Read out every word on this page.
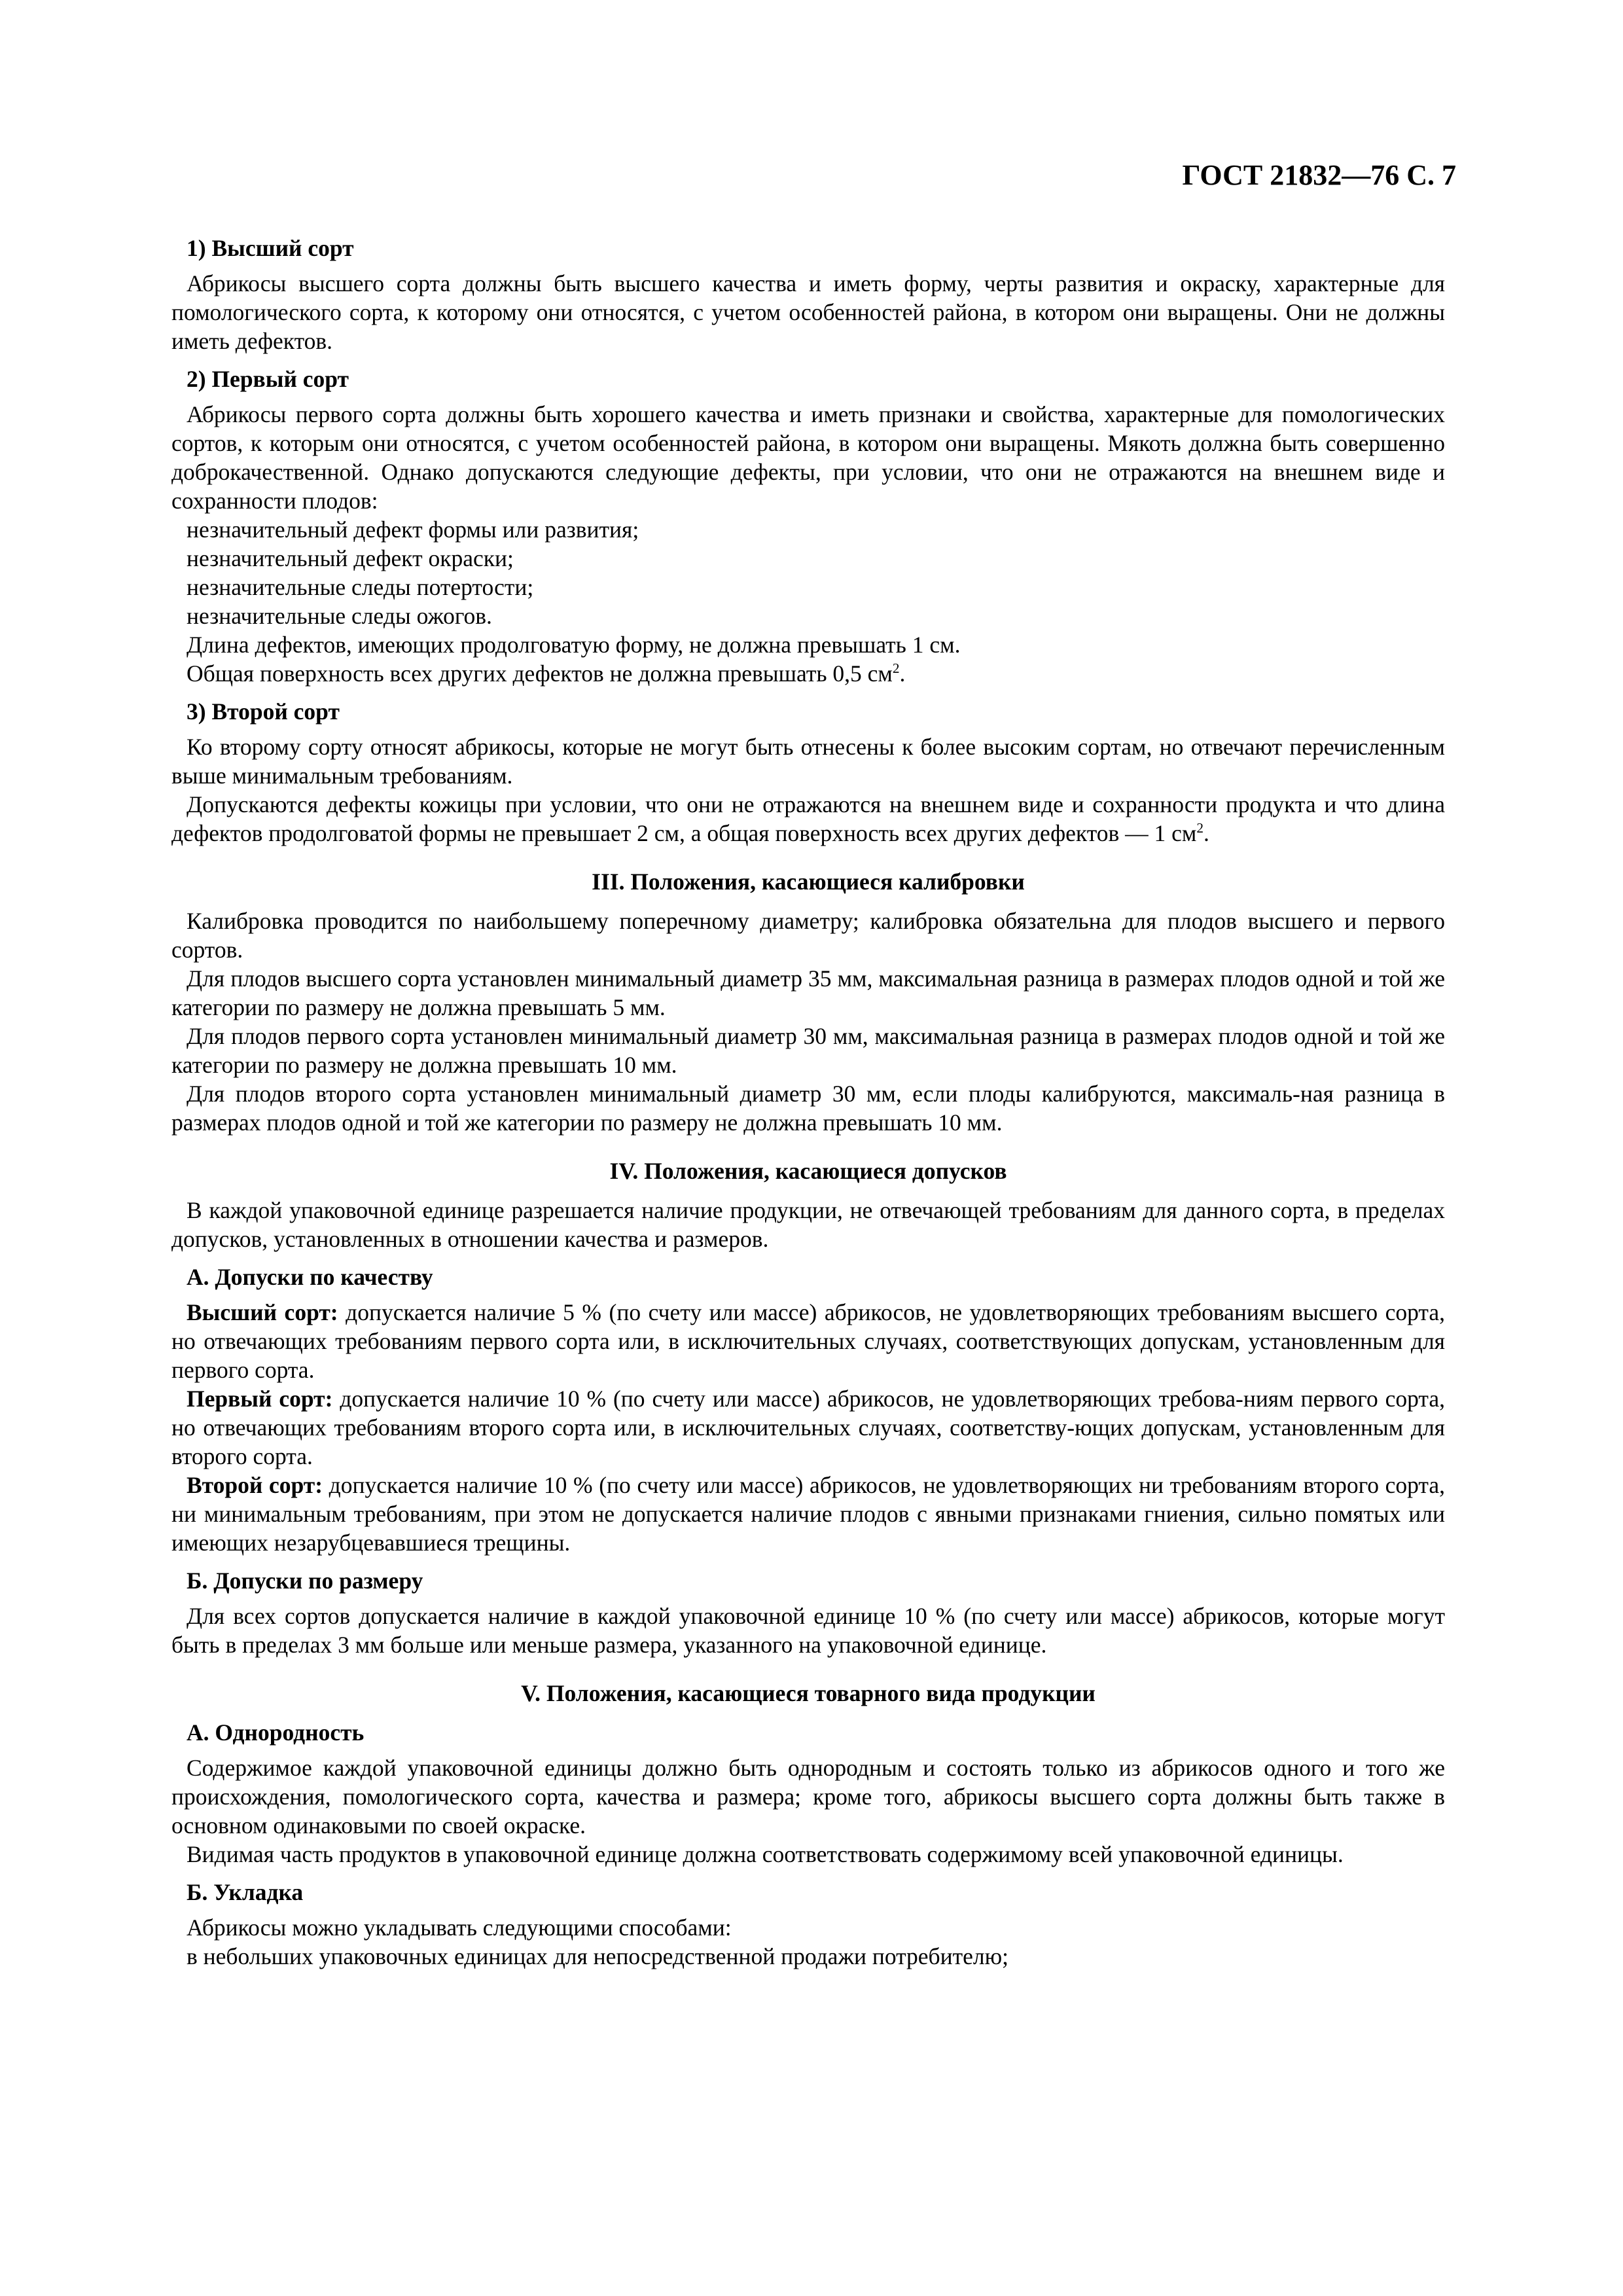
ГОСТ 21832—76 С. 7
1) Высший сорт
Абрикосы высшего сорта должны быть высшего качества и иметь форму, черты развития и окраску, характерные для помологического сорта, к которому они относятся, с учетом особенностей района, в котором они выращены. Они не должны иметь дефектов.
2) Первый сорт
Абрикосы первого сорта должны быть хорошего качества и иметь признаки и свойства, характерные для помологических сортов, к которым они относятся, с учетом особенностей района, в котором они выращены. Мякоть должна быть совершенно доброкачественной. Однако допускаются следующие дефекты, при условии, что они не отражаются на внешнем виде и сохранности плодов:
незначительный дефект формы или развития;
незначительный дефект окраски;
незначительные следы потертости;
незначительные следы ожогов.
Длина дефектов, имеющих продолговатую форму, не должна превышать 1 см.
Общая поверхность всех других дефектов не должна превышать 0,5 $см^2$.
3) Второй сорт
Ко второму сорту относят абрикосы, которые не могут быть отнесены к более высоким сортам, но отвечают перечисленным выше минимальным требованиям.
Допускаются дефекты кожицы при условии, что они не отражаются на внешнем виде и сохранности продукта и что длина дефектов продолговатой формы не превышает 2 см, а общая поверхность всех других дефектов — 1 $см^2$.
III. Положения, касающиеся калибровки
Калибровка проводится по наибольшему поперечному диаметру; калибровка обязательна для плодов высшего и первого сортов.
Для плодов высшего сорта установлен минимальный диаметр 35 мм, максимальная разница в размерах плодов одной и той же категории по размеру не должна превышать 5 мм.
Для плодов первого сорта установлен минимальный диаметр 30 мм, максимальная разница в размерах плодов одной и той же категории по размеру не должна превышать 10 мм.
Для плодов второго сорта установлен минимальный диаметр 30 мм, если плоды калибруются, максималь-ная разница в размерах плодов одной и той же категории по размеру не должна превышать 10 мм.
IV. Положения, касающиеся допусков
В каждой упаковочной единице разрешается наличие продукции, не отвечающей требованиям для данного сорта, в пределах допусков, установленных в отношении качества и размеров.
А. Допуски по качеству
Высший сорт: допускается наличие 5 % (по счету или массе) абрикосов, не удовлетворяющих требованиям высшего сорта, но отвечающих требованиям первого сорта или, в исключительных случаях, соответствующих допускам, установленным для первого сорта.
Первый сорт: допускается наличие 10 % (по счету или массе) абрикосов, не удовлетворяющих требова-ниям первого сорта, но отвечающих требованиям второго сорта или, в исключительных случаях, соответству-ющих допускам, установленным для второго сорта.
Второй сорт: допускается наличие 10 % (по счету или массе) абрикосов, не удовлетворяющих ни требованиям второго сорта, ни минимальным требованиям, при этом не допускается наличие плодов с явными признаками гниения, сильно помятых или имеющих незарубцевавшиеся трещины.
Б. Допуски по размеру
Для всех сортов допускается наличие в каждой упаковочной единице 10 % (по счету или массе) абрикосов, которые могут быть в пределах 3 мм больше или меньше размера, указанного на упаковочной единице.
V. Положения, касающиеся товарного вида продукции
А. Однородность
Содержимое каждой упаковочной единицы должно быть однородным и состоять только из абрикосов одного и того же происхождения, помологического сорта, качества и размера; кроме того, абрикосы высшего сорта должны быть также в основном одинаковыми по своей окраске.
Видимая часть продуктов в упаковочной единице должна соответствовать содержимому всей упаковочной единицы.
Б. Укладка
Абрикосы можно укладывать следующими способами:
в небольших упаковочных единицах для непосредственной продажи потребителю;
